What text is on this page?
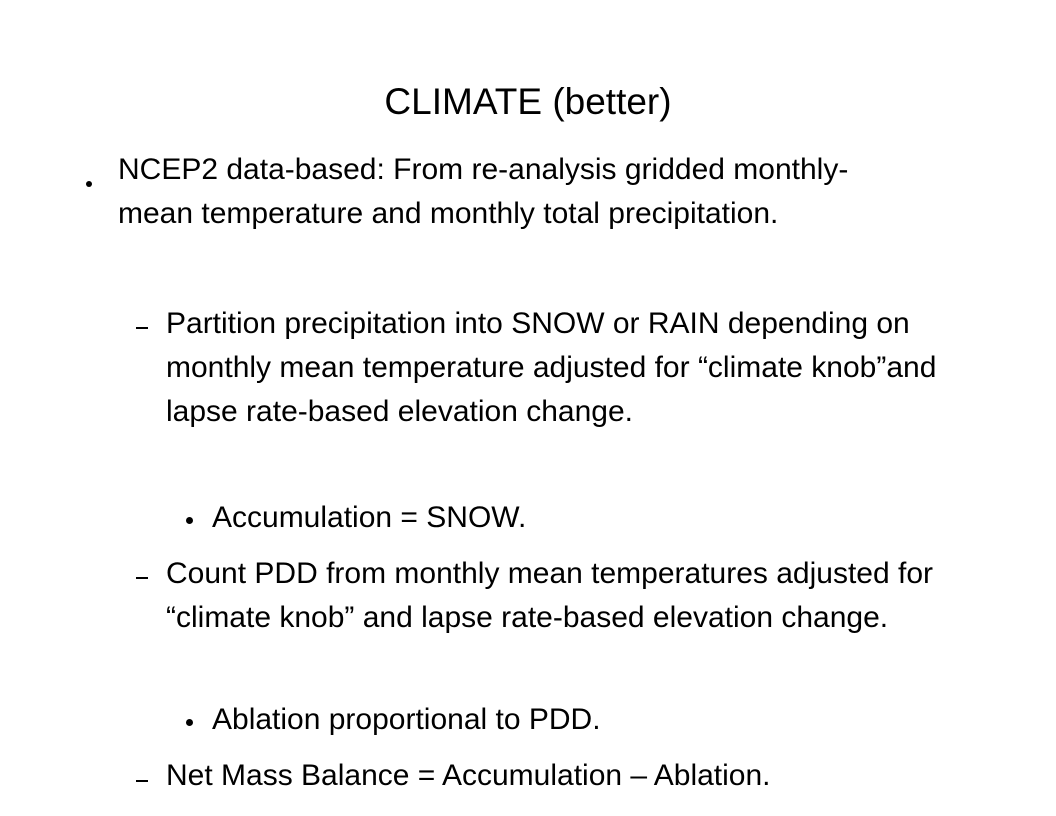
CLIMATE (better)
NCEP2 data-based: From re-analysis gridded monthly-mean temperature and monthly total precipitation.
Partition precipitation into SNOW or RAIN depending on monthly mean temperature adjusted for “climate knob”and lapse rate-based elevation change.
Accumulation = SNOW.
Count PDD from monthly mean temperatures adjusted for “climate knob” and lapse rate-based elevation change.
Ablation proportional to PDD.
Net Mass Balance = Accumulation – Ablation.
